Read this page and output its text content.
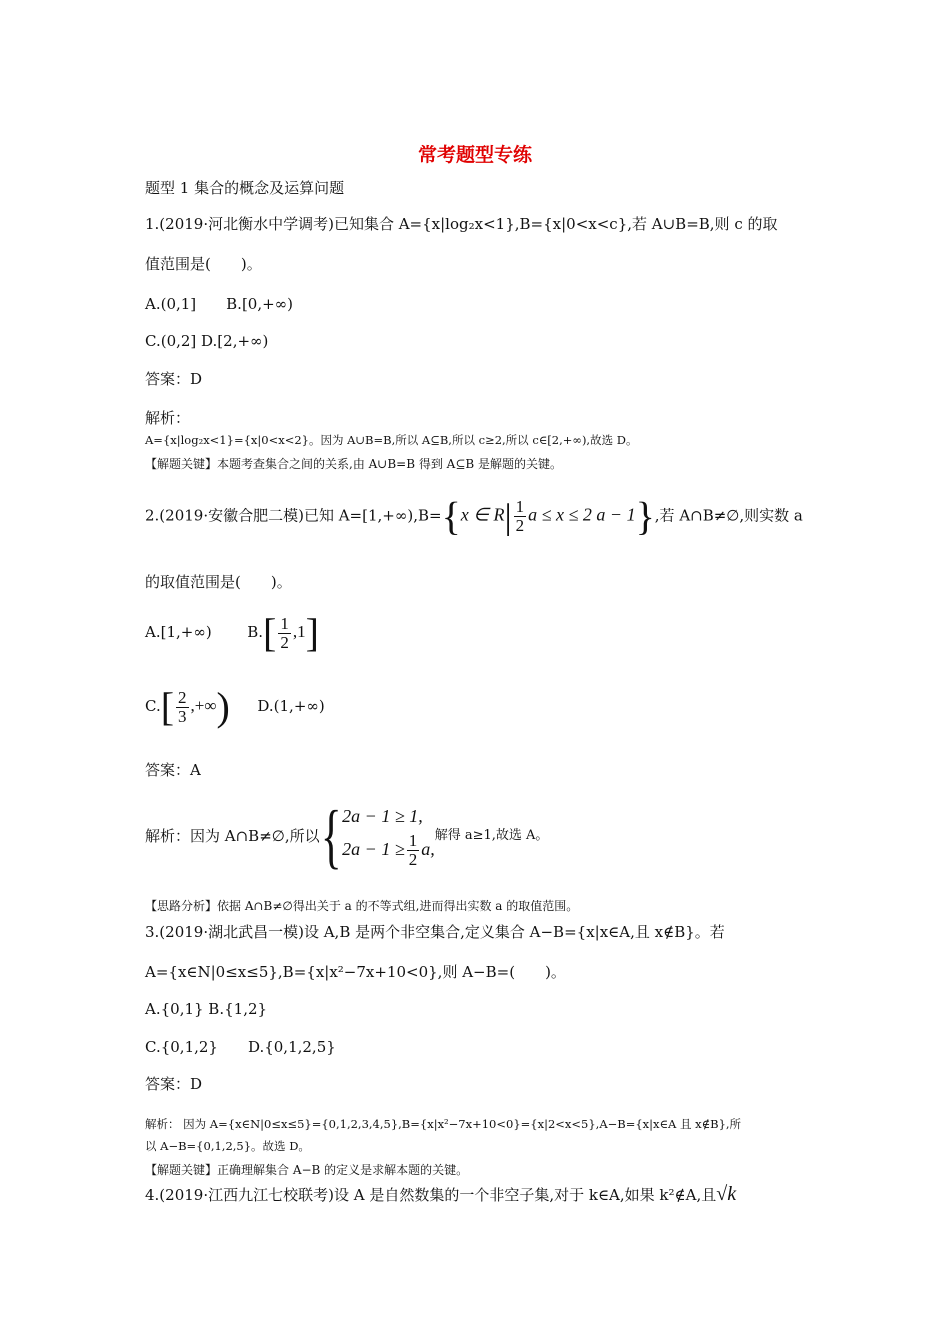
常考题型专练
题型 1 集合的概念及运算问题
1.(2019·河北衡水中学调考)已知集合 A={x|log₂x<1},B={x|0<x<c},若 A∪B=B,则 c 的取
值范围是(　　)。
A.(0,1]　　B.[0,+∞)
C.(0,2] D.[2,+∞)
答案：D
解析：
A={x|log₂x<1}={x|0<x<2}。因为 A∪B=B,所以 A⊆B,所以 c≥2,所以 c∈[2,+∞),故选 D。
【解题关键】本题考查集合之间的关系,由 A∪B=B 得到 A⊆B 是解题的关键。
2.(2019·安徽合肥二模)已知 A=[1,+∞),B={x ∈ $R| \frac{1}{2}$ a ≤ x ≤ 2 a − 1},若 A∩B≠∅,则实数 a
的取值范围是(　　)。
A.[1,+∞) $B.[ \frac{1}{2} ,1]$
$C.[ \frac{2}{3}$ ,+∞) D.(1,+∞)
答案：A
解析：因为 A∩B≠∅,所以{ 2a − 1 ≥ 1,
$2a - 1 \ge \frac{1}{2} a$,
解得 a≥1,故选 A。
【思路分析】依据 A∩B≠∅得出关于 a 的不等式组,进而得出实数 a 的取值范围。
3.(2019·湖北武昌一模)设 A,B 是两个非空集合,定义集合 A−B={x|x∈A,且 x∉B}。若
A={x∈N|0≤x≤5},B={x|x²−7x+10<0},则 A−B=(　　)。
A.{0,1} B.{1,2}
C.{0,1,2}　　D.{0,1,2,5}
答案：D
解析： 因为 A={x∈N|0≤x≤5}={0,1,2,3,4,5},B={x|x²−7x+10<0}={x|2<x<5},A−B={x|x∈A 且 x∉B},所
以 A−B={0,1,2,5}。故选 D。
【解题关键】正确理解集合 A−B 的定义是求解本题的关键。
4.(2019·江西九江七校联考)设 A 是自然数集的一个非空子集,对于 k∈A,如果 k²∉A,且√k
